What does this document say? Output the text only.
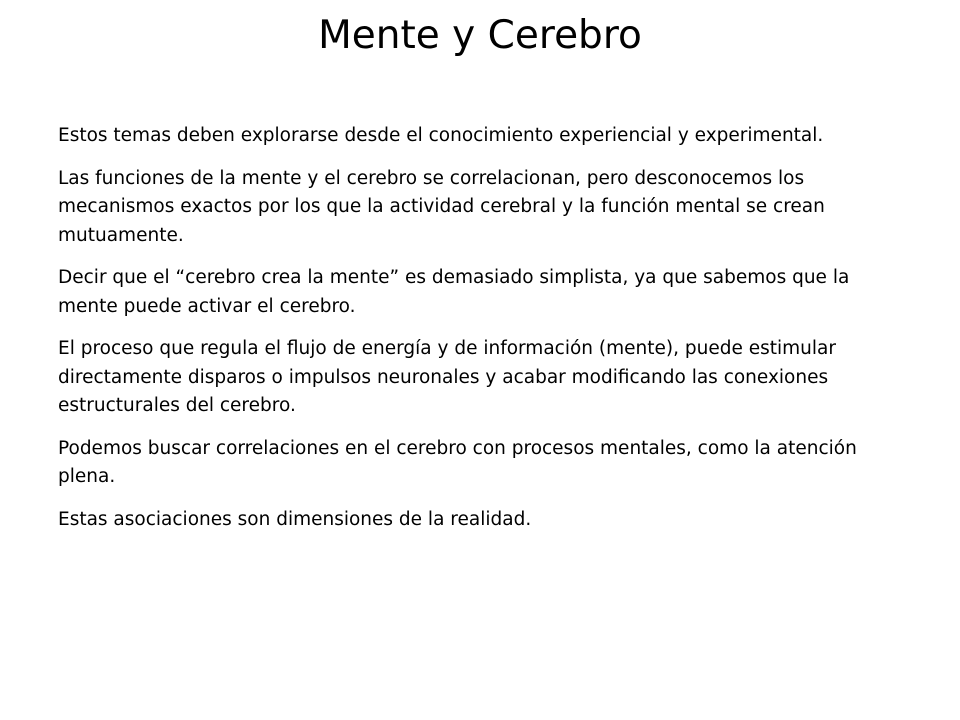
Mente y Cerebro

Estos temas deben explorarse desde el conocimiento experiencial y experimental.

Las funciones de la mente y el cerebro se correlacionan, pero desconocemos los mecanismos exactos por los que la actividad cerebral y la función mental se crean mutuamente.

Decir que el “cerebro crea la mente” es demasiado simplista, ya que sabemos que la mente puede activar el cerebro.

El proceso que regula el flujo de energía y de información (mente), puede estimular directamente disparos o impulsos neuronales y acabar modificando las conexiones estructurales del cerebro.

Podemos buscar correlaciones en el cerebro con procesos mentales, como la atención plena.

Estas asociaciones son dimensiones de la realidad.
